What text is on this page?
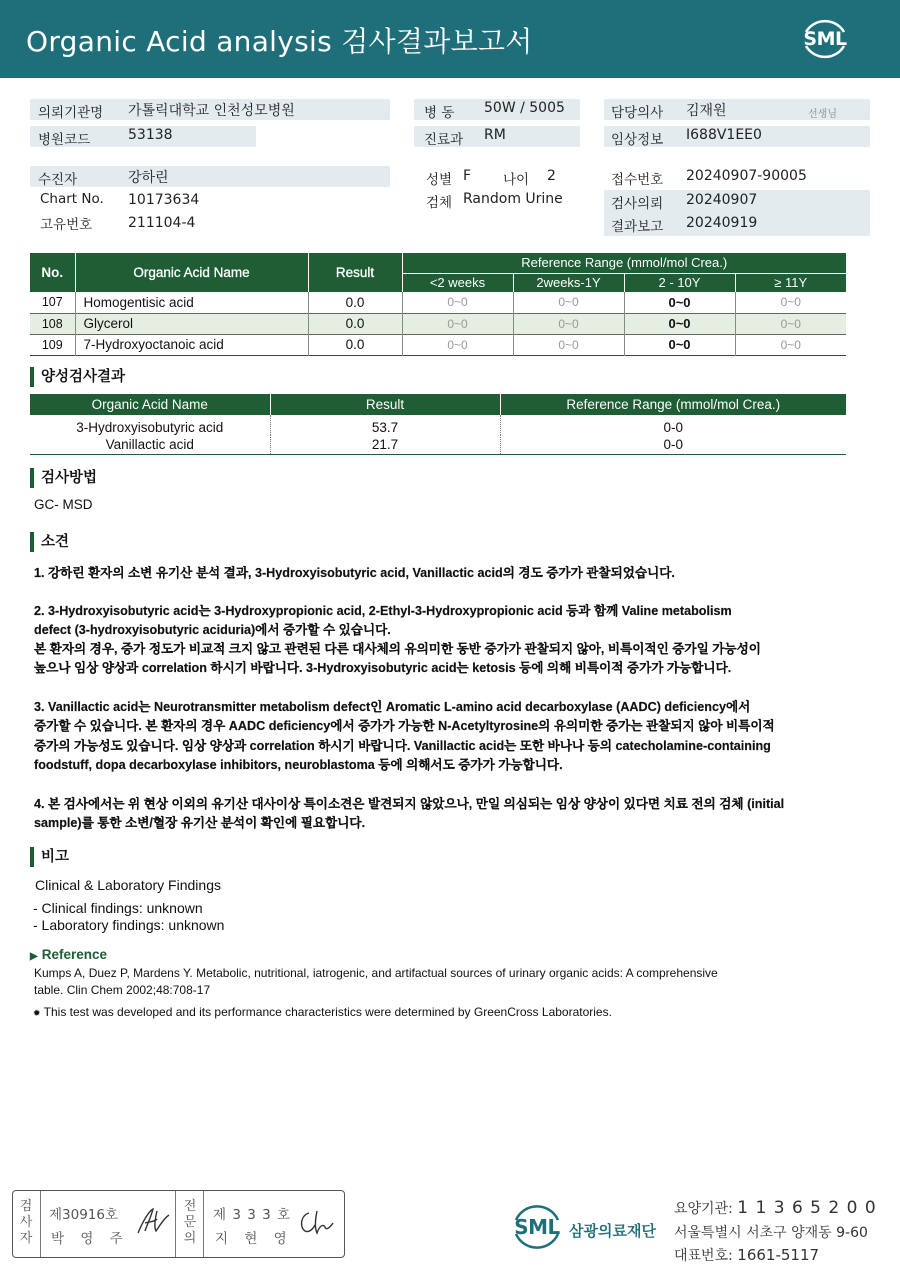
Organic Acid analysis 검사결과보고서	SML
의뢰기관명 가톨릭대학교 인천성모병원	병 동 50W / 5005	담당의사 김재원	선생님
병원코드	53138	진료과 RM	임상정보 I688V1EE0
수진자	강하린	성별 F 나이 2	접수번호 20240907-90005
Chart No. 10173634	검체 Random Urine	검사의뢰 20240907
고유번호	211104-4	결과보고 20240919
No.	Organic Acid Name	Result	Reference Range (mmol/mol Crea.)			
			<2 weeks	2weeks-1Y	2 - 10Y	≥ 11Y
107	Homogentisic acid	0.0	0~0	0~0	0~0	0~0
108	Glycerol	0.0	0~0	0~0	0~0	0~0
109	7-Hydroxyoctanoic acid	0.0	0~0	0~0	0~0	0~0
양성검사결과
Organic Acid Name	Result	Reference Range (mmol/mol Crea.)
3-Hydroxyisobutyric acid	53.7	0-0
Vanillactic acid	21.7	0-0
검사방법
GC- MSD
소견
1. 강하린 환자의 소변 유기산 분석 결과, 3-Hydroxyisobutyric acid, Vanillactic acid의 경도 증가가 관찰되었습니다.
2. 3-Hydroxyisobutyric acid는 3-Hydroxypropionic acid, 2-Ethyl-3-Hydroxypropionic acid 등과 함께 Valine metabolism
defect (3-hydroxyisobutyric aciduria)에서 증가할 수 있습니다.
본 환자의 경우, 증가 정도가 비교적 크지 않고 관련된 다른 대사체의 유의미한 동반 증가가 관찰되지 않아, 비특이적인 증가일 가능성이
높으나 임상 양상과 correlation 하시기 바랍니다. 3-Hydroxyisobutyric acid는 ketosis 등에 의해 비특이적 증가가 가능합니다.
3. Vanillactic acid는 Neurotransmitter metabolism defect인 Aromatic L-amino acid decarboxylase (AADC) deficiency에서
증가할 수 있습니다. 본 환자의 경우 AADC deficiency에서 증가가 가능한 N-Acetyltyrosine의 유의미한 증가는 관찰되지 않아 비특이적
증가의 가능성도 있습니다. 임상 양상과 correlation 하시기 바랍니다. Vanillactic acid는 또한 바나나 등의 catecholamine-containing
foodstuff, dopa decarboxylase inhibitors, neuroblastoma 등에 의해서도 증가가 가능합니다.
4. 본 검사에서는 위 현상 이외의 유기산 대사이상 특이소견은 발견되지 않았으나, 만일 의심되는 임상 양상이 있다면 치료 전의 검체 (initial
sample)를 통한 소변/혈장 유기산 분석이 확인에 필요합니다.
비고
Clinical & Laboratory Findings
- Clinical findings: unknown
- Laboratory findings: unknown
▶ Reference
Kumps A, Duez P, Mardens Y. Metabolic, nutritional, iatrogenic, and artifactual sources of urinary organic acids: A comprehensive
table. Clin Chem 2002;48:708-17
✹ This test was developed and its performance characteristics were determined by GreenCross Laboratories.
검
사
자
제30916호
박 영 주
전
문
의
제 3 3 3 호
지 현 영	SML 삼광의료재단
요양기관: 1 1 3 6 5 2 0 0
서울특별시 서초구 양재동 9-60
대표번호: 1661-5117
